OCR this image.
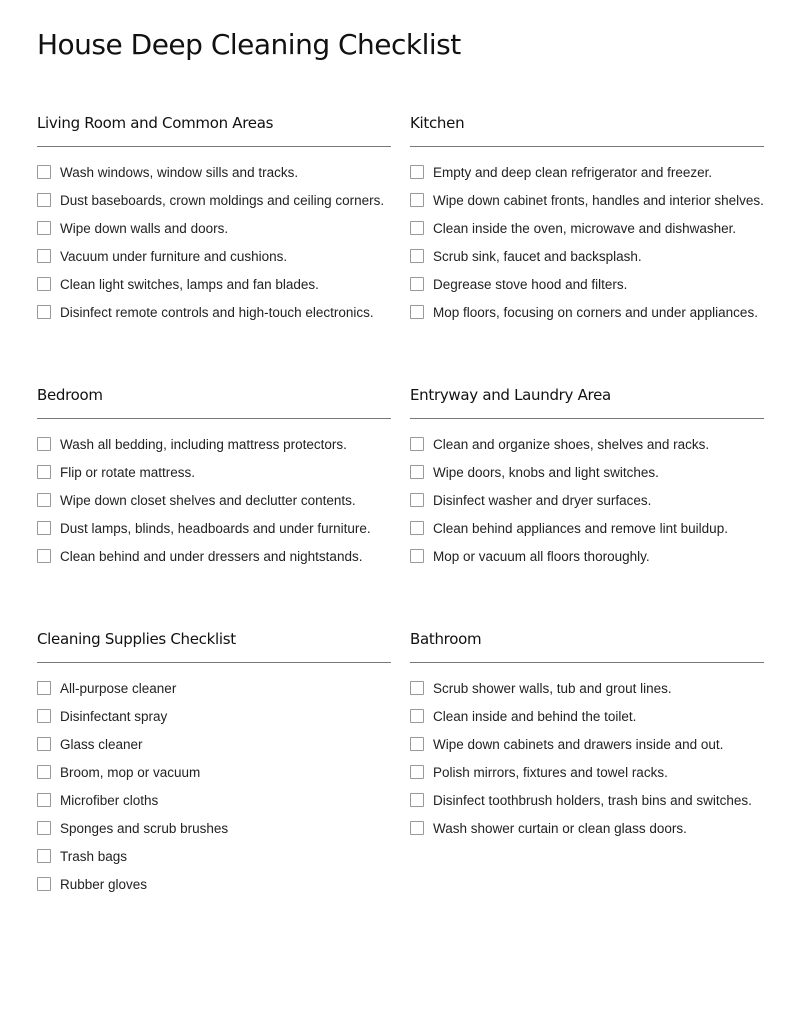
House Deep Cleaning Checklist
Living Room and Common Areas
Wash windows, window sills and tracks.
Dust baseboards, crown moldings and ceiling corners.
Wipe down walls and doors.
Vacuum under furniture and cushions.
Clean light switches, lamps and fan blades.
Disinfect remote controls and high-touch electronics.
Kitchen
Empty and deep clean refrigerator and freezer.
Wipe down cabinet fronts, handles and interior shelves.
Clean inside the oven, microwave and dishwasher.
Scrub sink, faucet and backsplash.
Degrease stove hood and filters.
Mop floors, focusing on corners and under appliances.
Bedroom
Wash all bedding, including mattress protectors.
Flip or rotate mattress.
Wipe down closet shelves and declutter contents.
Dust lamps, blinds, headboards and under furniture.
Clean behind and under dressers and nightstands.
Entryway and Laundry Area
Clean and organize shoes, shelves and racks.
Wipe doors, knobs and light switches.
Disinfect washer and dryer surfaces.
Clean behind appliances and remove lint buildup.
Mop or vacuum all floors thoroughly.
Cleaning Supplies Checklist
All-purpose cleaner
Disinfectant spray
Glass cleaner
Broom, mop or vacuum
Microfiber cloths
Sponges and scrub brushes
Trash bags
Rubber gloves
Bathroom
Scrub shower walls, tub and grout lines.
Clean inside and behind the toilet.
Wipe down cabinets and drawers inside and out.
Polish mirrors, fixtures and towel racks.
Disinfect toothbrush holders, trash bins and switches.
Wash shower curtain or clean glass doors.
